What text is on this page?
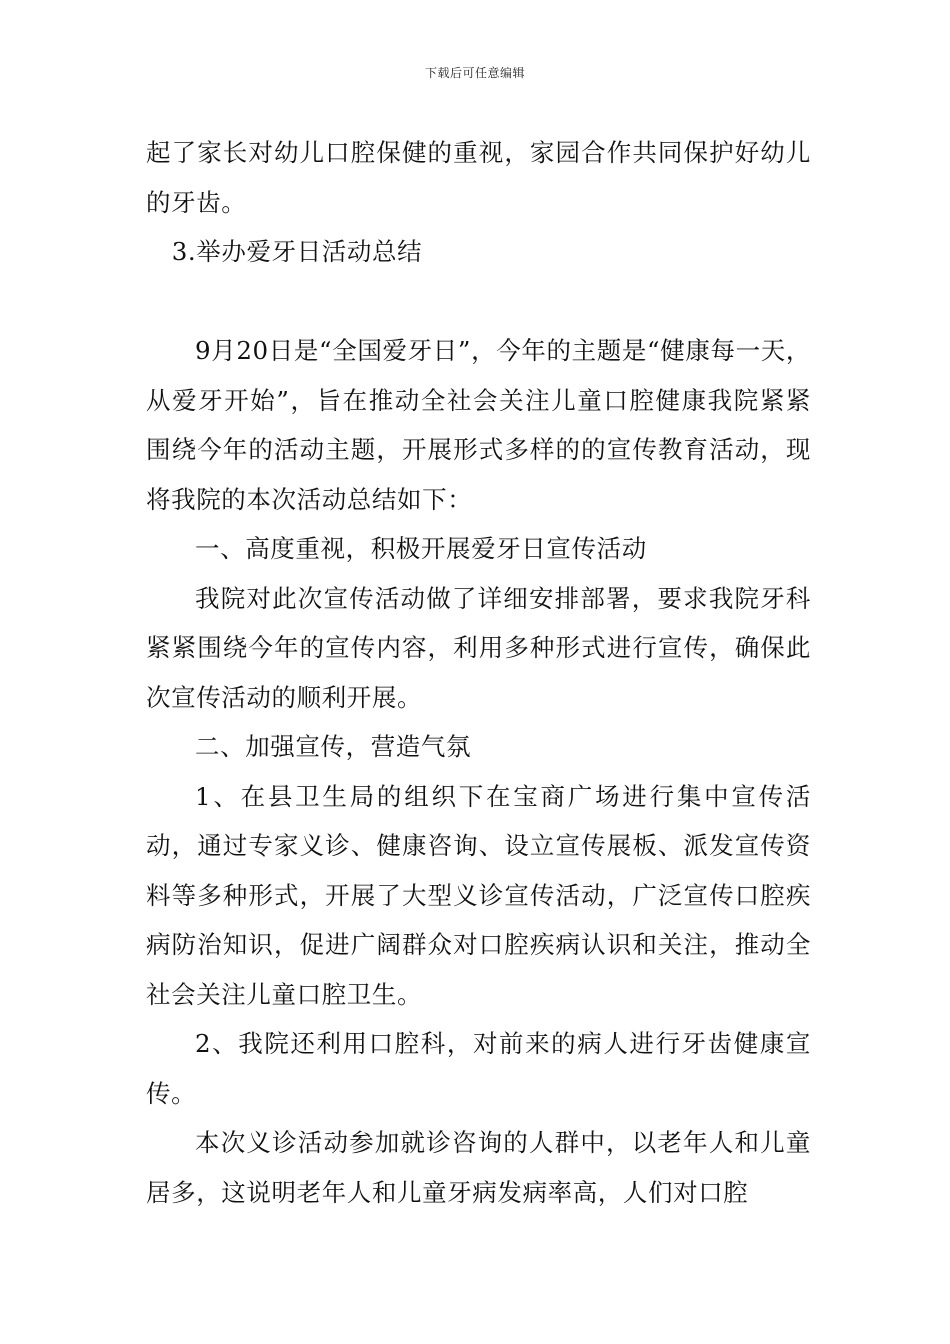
下载后可任意编辑

起了家长对幼儿口腔保健的重视，家园合作共同保护好幼儿的牙齿。

3.举办爱牙日活动总结

9月20日是“全国爱牙日”，今年的主题是“健康每一天，从爱牙开始”，旨在推动全社会关注儿童口腔健康我院紧紧围绕今年的活动主题，开展形式多样的的宣传教育活动，现将我院的本次活动总结如下：

一、高度重视，积极开展爱牙日宣传活动

我院对此次宣传活动做了详细安排部署，要求我院牙科紧紧围绕今年的宣传内容，利用多种形式进行宣传，确保此次宣传活动的顺利开展。

二、加强宣传，营造气氛

1、在县卫生局的组织下在宝商广场进行集中宣传活动，通过专家义诊、健康咨询、设立宣传展板、派发宣传资料等多种形式，开展了大型义诊宣传活动，广泛宣传口腔疾病防治知识，促进广阔群众对口腔疾病认识和关注，推动全社会关注儿童口腔卫生。

2、我院还利用口腔科，对前来的病人进行牙齿健康宣传。

本次义诊活动参加就诊咨询的人群中，以老年人和儿童居多，这说明老年人和儿童牙病发病率高，人们对口腔
